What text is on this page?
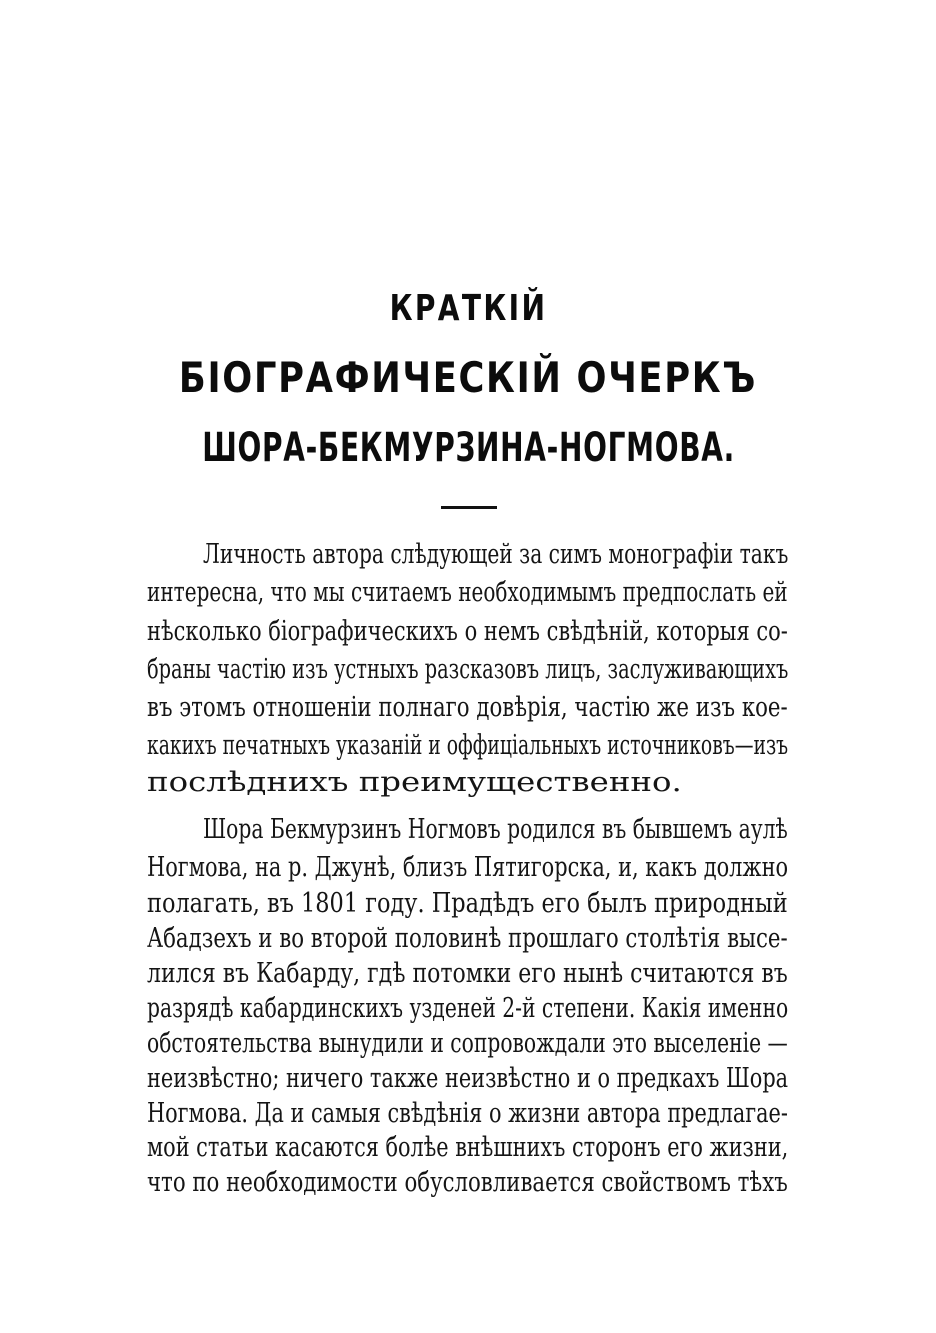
КРАТКІЙ
БІОГРАФИЧЕСКІЙ ОЧЕРКЪ
ШОРА-БЕКМУРЗИНА-НОГМОВА.
Личность автора слѣдующей за симъ монографіи такъ
интересна, что мы считаемъ необходимымъ предпослать ей
нѣсколько біографическихъ о немъ свѣдѣній, которыя со-
браны частію изъ устныхъ разсказовъ лицъ, заслуживающихъ
въ этомъ отношеніи полнаго довѣрія, частію же изъ кое-
какихъ печатныхъ указаній и оффиціальныхъ источниковъ—изъ
послѣднихъ преимущественно.
Шора Бекмурзинъ Ногмовъ родился въ бывшемъ аулѣ
Ногмова, на р. Джунѣ, близъ Пятигорска, и, какъ должно
полагать, въ 1801 году. Прадѣдъ его былъ природный
Абадзехъ и во второй половинѣ прошлаго столѣтія высе-
лился въ Кабарду, гдѣ потомки его нынѣ считаются въ
разрядѣ кабардинскихъ узденей 2-й степени. Какія именно
обстоятельства вынудили и сопровождали это выселеніе —
неизвѣстно; ничего также неизвѣстно и о предкахъ Шора
Ногмова. Да и самыя свѣдѣнія о жизни автора предлагае-
мой статьи касаются болѣе внѣшнихъ сторонъ его жизни,
что по необходимости обусловливается свойствомъ тѣхъ
